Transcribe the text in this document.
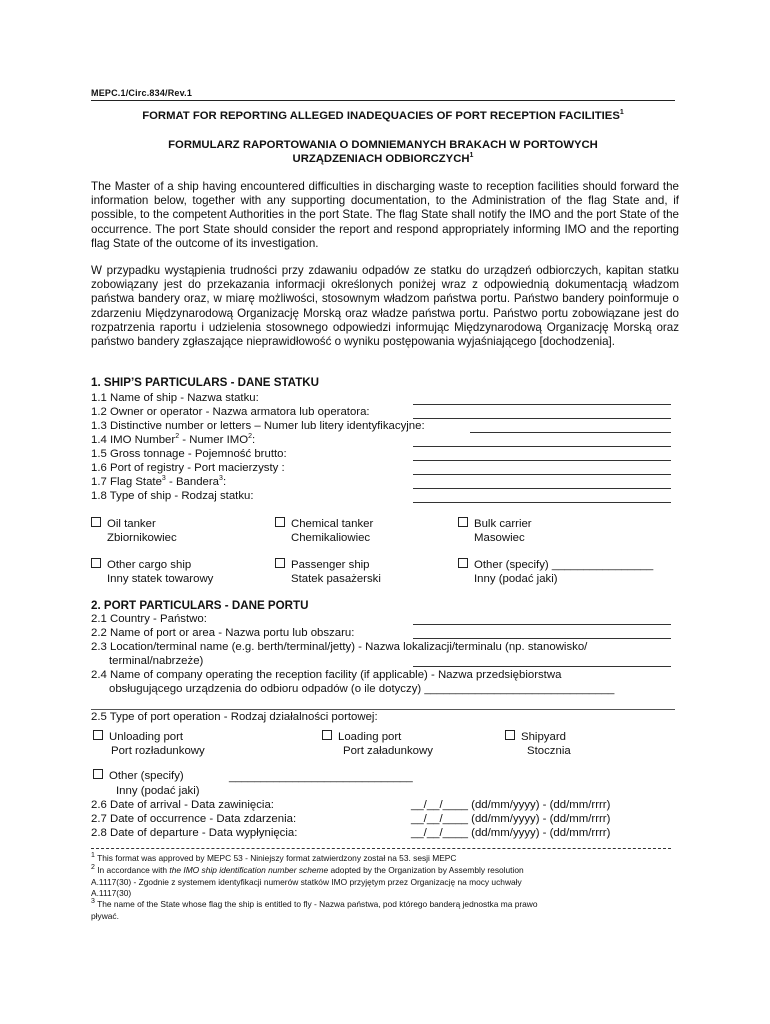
MEPC.1/Circ.834/Rev.1
FORMAT FOR REPORTING ALLEGED INADEQUACIES OF PORT RECEPTION FACILITIES$^1$
FORMULARZ RAPORTOWANIA O DOMNIEMANYCH BRAKACH W PORTOWYCH
URZĄDZENIACH ODBIORCZYCH$^1$
The Master of a ship having encountered difficulties in discharging waste to reception facilities should forward the information below, together with any supporting documentation, to the Administration of the flag State and, if possible, to the competent Authorities in the port State. The flag State shall notify the IMO and the port State of the occurrence. The port State should consider the report and respond appropriately informing IMO and the reporting flag State of the outcome of its investigation.
W przypadku wystąpienia trudności przy zdawaniu odpadów ze statku do urządzeń odbiorczych, kapitan statku zobowiązany jest do przekazania informacji określonych poniżej wraz z odpowiednią dokumentacją władzom państwa bandery oraz, w miarę możliwości, stosownym władzom państwa portu. Państwo bandery poinformuje o zdarzeniu Międzynarodową Organizację Morską oraz władze państwa portu. Państwo portu zobowiązane jest do rozpatrzenia raportu i udzielenia stosownego odpowiedzi informując Międzynarodową Organizację Morską oraz państwo bandery zgłaszające nieprawidłowość o wyniku postępowania wyjaśniającego [dochodzenia].
1. SHIP’S PARTICULARS - DANE STATKU
1.1 Name of ship - Nazwa statku:
1.2 Owner or operator - Nazwa armatora lub operatora:
1.3 Distinctive number or letters – Numer lub litery identyfikacyjne:
1.4 IMO Number$^2$ - Numer IMO$^2$:
1.5 Gross tonnage - Pojemność brutto:
1.6 Port of registry - Port macierzysty :
1.7 Flag State$^3$ - Bandera$^3$:
1.8 Type of ship - Rodzaj statku:
Oil tanker
Zbiornikowiec
Chemical tanker
Chemikaliowiec
Bulk carrier
Masowiec
Other cargo ship
Inny statek towarowy
Passenger ship
Statek pasażerski
Other (specify) ________________
Inny (podać jaki)
2. PORT PARTICULARS - DANE PORTU
2.1 Country - Państwo:
2.2 Name of port or area - Nazwa portu lub obszaru:
2.3 Location/terminal name (e.g. berth/terminal/jetty) - Nazwa lokalizacji/terminalu (np. stanowisko/
terminal/nabrzeże)
2.4 Name of company operating the reception facility (if applicable) - Nazwa przedsiębiorstwa
obsługującego urządzenia do odbioru odpadów (o ile dotyczy) ______________________________
2.5 Type of port operation - Rodzaj działalności portowej:
Unloading port
Port rozładunkowy
Loading port
Port załadunkowy
Shipyard
Stocznia
Other (specify)	_____________________________
Inny (podać jaki)
2.6 Date of arrival - Data zawinięcia:	__/__/____ (dd/mm/yyyy) - (dd/mm/rrrr)
2.7 Date of occurrence - Data zdarzenia:	__/__/____ (dd/mm/yyyy) - (dd/mm/rrrr)
2.8 Date of departure - Data wypłynięcia:	__/__/____ (dd/mm/yyyy) - (dd/mm/rrrr)
$^1$ This format was approved by MEPC 53 - Niniejszy format zatwierdzony został na 53. sesji MEPC
$^2$ In accordance with the IMO ship identification number scheme adopted by the Organization by Assembly resolution
A.1117(30) - Zgodnie z systemem identyfikacji numerów statków IMO przyjętym przez Organizację na mocy uchwały
A.1117(30)
$^3$ The name of the State whose flag the ship is entitled to fly - Nazwa państwa, pod którego banderą jednostka ma prawo
pływać.
